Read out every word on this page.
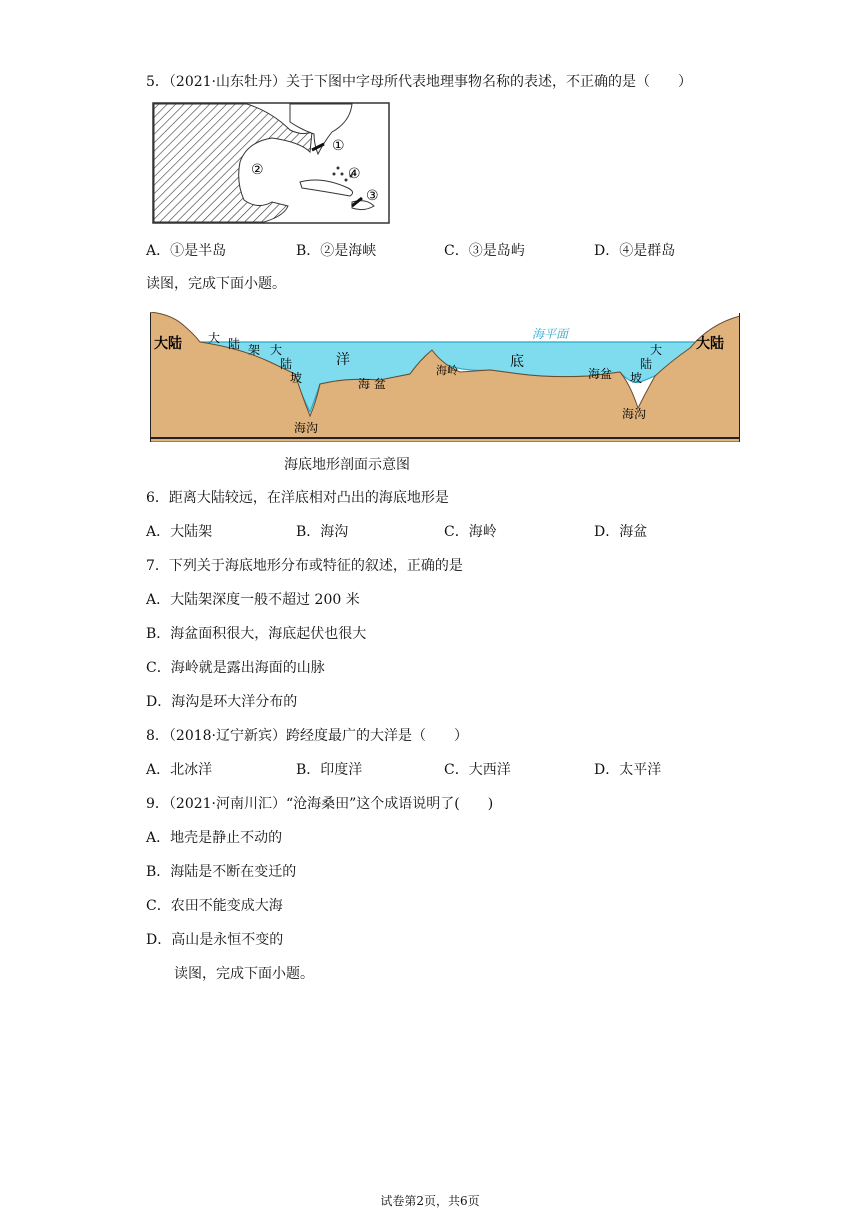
5．（2021·山东牡丹）关于下图中字母所代表地理事物名称的表述，不正确的是（　　）
①
②
③
④
A．①是半岛	B．②是海峡	C．③是岛屿	D．④是群岛
读图，完成下面小题。
大陆	大陆
海平面
大 陆 架 大
陆
坡
大
陆
坡
洋	底
海 盆
海盆
海岭
海沟
海沟
海底地形剖面示意图
6．距离大陆较远，在洋底相对凸出的海底地形是
A．大陆架	B．海沟	C．海岭	D．海盆
7．下列关于海底地形分布或特征的叙述，正确的是
A．大陆架深度一般不超过 200 米
B．海盆面积很大，海底起伏也很大
C．海岭就是露出海面的山脉
D．海沟是环大洋分布的
8．（2018·辽宁新宾）跨经度最广的大洋是（　　）
A．北冰洋	B．印度洋	C．大西洋	D．太平洋
9．（2021·河南川汇）“沧海桑田”这个成语说明了(　　)
A．地壳是静止不动的
B．海陆是不断在变迁的
C．农田不能变成大海
D．高山是永恒不变的
读图，完成下面小题。
试卷第2页，共6页
